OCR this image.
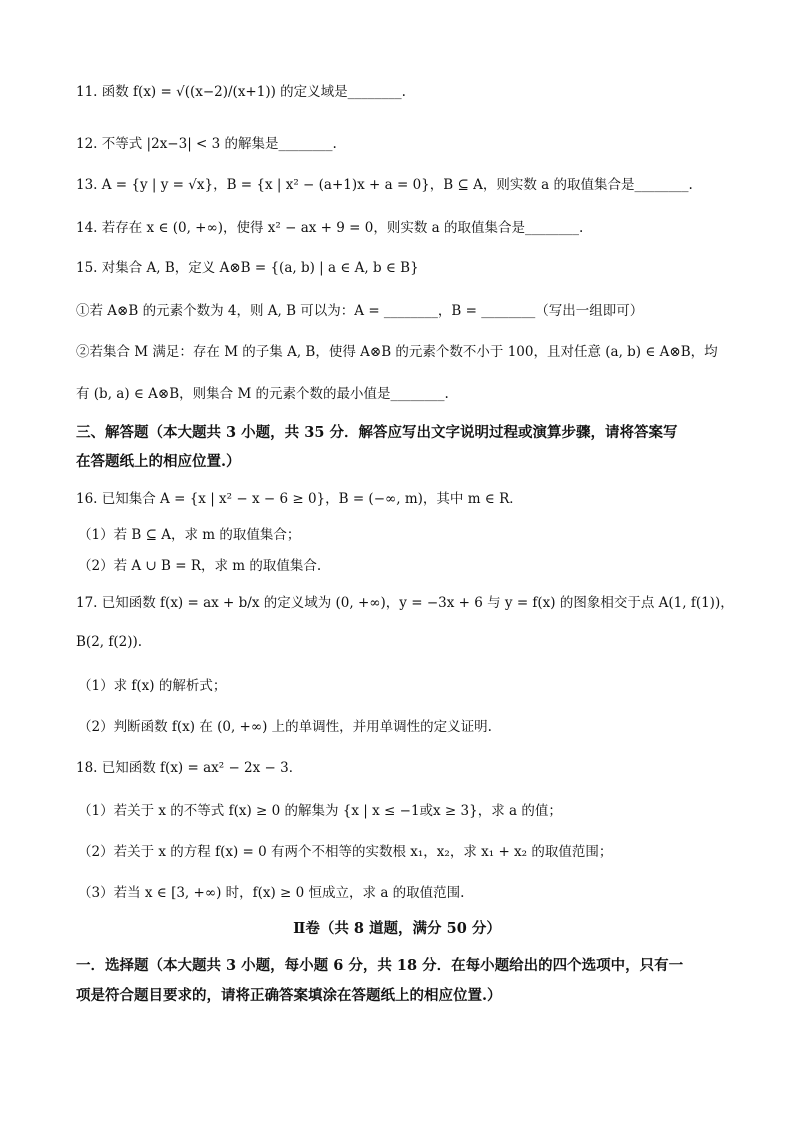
11. 函数 f(x) = √((x−2)/(x+1)) 的定义域是________.
12. 不等式 |2x−3| < 3 的解集是________.
13. A = {y | y = √x}，B = {x | x² − (a+1)x + a = 0}，B ⊆ A，则实数 a 的取值集合是________.
14. 若存在 x ∈ (0, +∞)，使得 x² − ax + 9 = 0，则实数 a 的取值集合是________.
15. 对集合 A, B，定义 A⊗B = {(a, b) | a ∈ A, b ∈ B}
①若 A⊗B 的元素个数为 4，则 A, B 可以为：A = ________，B = ________（写出一组即可）
②若集合 M 满足：存在 M 的子集 A, B，使得 A⊗B 的元素个数不小于 100，且对任意 (a, b) ∈ A⊗B，均
有 (b, a) ∈ A⊗B，则集合 M 的元素个数的最小值是________.
三、解答题（本大题共 3 小题，共 35 分．解答应写出文字说明过程或演算步骤，请将答案写
在答题纸上的相应位置.）
16. 已知集合 A = {x | x² − x − 6 ≥ 0}，B = (−∞, m)，其中 m ∈ R．
（1）若 B ⊆ A，求 m 的取值集合；
（2）若 A ∪ B = R，求 m 的取值集合.
17. 已知函数 f(x) = ax + b/x 的定义域为 (0, +∞)，y = −3x + 6 与 y = f(x) 的图象相交于点 A(1, f(1))，
B(2, f(2)).
（1）求 f(x) 的解析式；
（2）判断函数 f(x) 在 (0, +∞) 上的单调性，并用单调性的定义证明.
18. 已知函数 f(x) = ax² − 2x − 3．
（1）若关于 x 的不等式 f(x) ≥ 0 的解集为 {x | x ≤ −1或x ≥ 3}，求 a 的值；
（2）若关于 x 的方程 f(x) = 0 有两个不相等的实数根 x₁，x₂，求 x₁ + x₂ 的取值范围；
（3）若当 x ∈ [3, +∞) 时，f(x) ≥ 0 恒成立，求 a 的取值范围.
Ⅱ卷（共 8 道题，满分 50 分）
一．选择题（本大题共 3 小题，每小题 6 分，共 18 分．在每小题给出的四个选项中，只有一
项是符合题目要求的，请将正确答案填涂在答题纸上的相应位置.）
